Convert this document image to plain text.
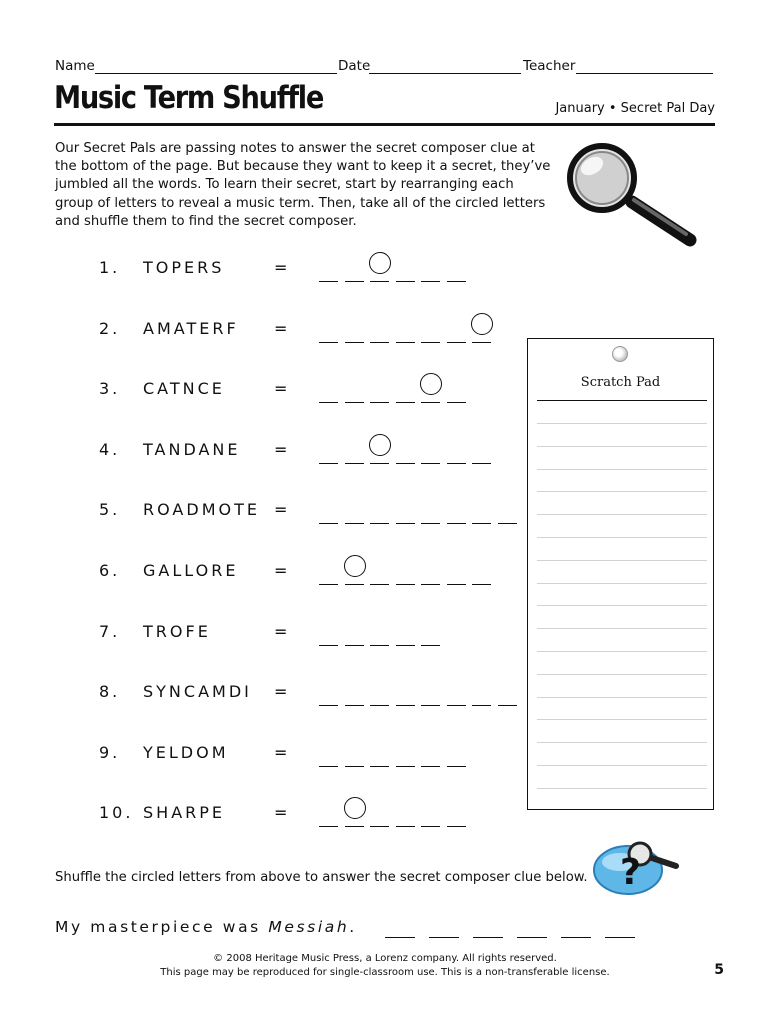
Name	Date	Teacher
Music Term Shuffle	January • Secret Pal Day
Our Secret Pals are passing notes to answer the secret composer clue at the bottom of the page. But because they want to keep it a secret, they’ve jumbled all the words. To learn their secret, start by rearranging each group of letters to reveal a music term. Then, take all of the circled letters and shuffle them to find the secret composer.
1. TOPERS	=
2. AMATERF =
3. CATNCE	=
4. TANDANE =
5. ROADMOTE =
6. GALLORE =
7. TROFE	=
8. SYNCAMDI =
9. YELDOM	=
10. SHARPE	=
Scratch Pad
?
Shuffle the circled letters from above to answer the secret composer clue below.
My masterpiece was Messiah.
© 2008 Heritage Music Press, a Lorenz company. All rights reserved.
This page may be reproduced for single-classroom use. This is a non-transferable license.	5
